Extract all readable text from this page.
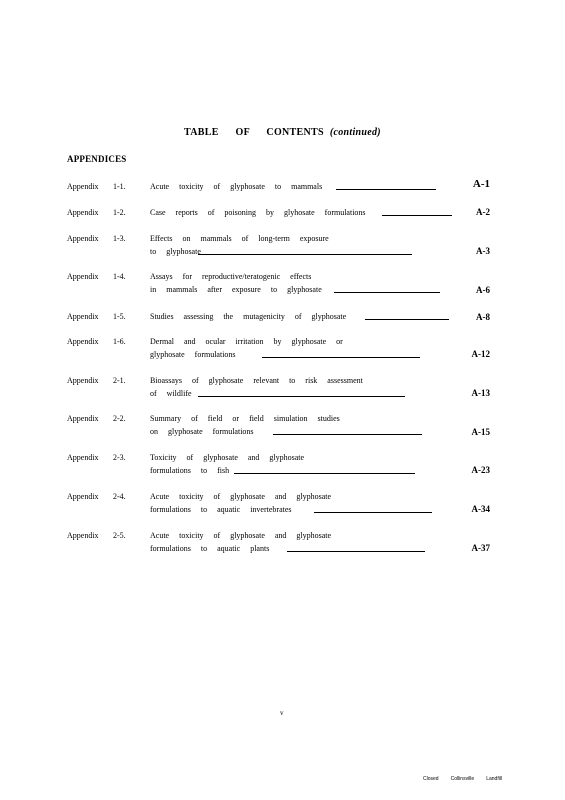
TABLE OF CONTENTS (continued)
APPENDICES
Appendix 1-1.	Acute toxicity of glyphosate to mammals	A-1
Appendix 1-2.	Case reports of poisoning by glyhosate formulations	A-2
Appendix 1-3.	Effects on mammals of long-term exposure
to glyphosate	A-3
Appendix 1-4.	Assays for reproductive/teratogenic effects
in mammals after exposure to glyphosate	A-6
Appendix 1-5.	Studies assessing the mutagenicity of glyphosate	A-8
Appendix 1-6.	Dermal and ocular irritation by glyphosate or
glyphosate formulations	A-12
Appendix 2-1.	Bioassays of glyphosate relevant to risk assessment
of wildlife	A-13
Appendix 2-2.	Summary of field or field simulation studies
on glyphosate formulations	A-15
Appendix 2-3.	Toxicity of glyphosate and glyphosate
formulations to fish	A-23
Appendix 2-4.	Acute toxicity of glyphosate and glyphosate
formulations to aquatic invertebrates	A-34
Appendix 2-5.	Acute toxicity of glyphosate and glyphosate
formulations to aquatic plants	A-37
v
Closed Collinsville Landfill
